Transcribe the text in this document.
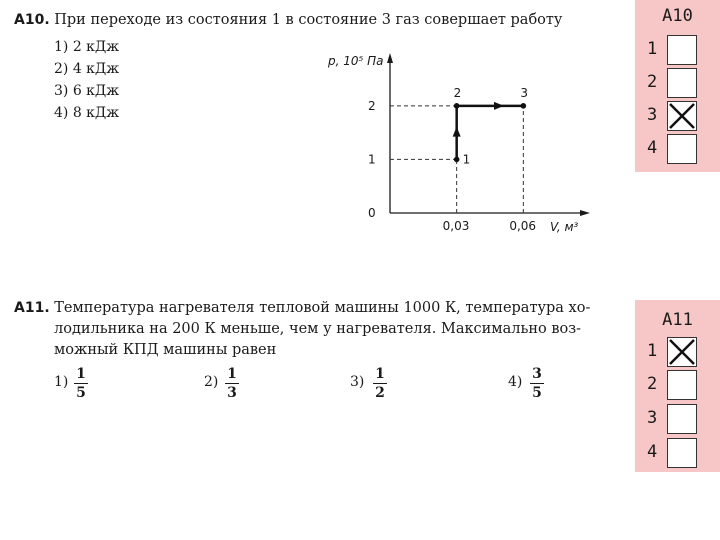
А10. При переходе из состояния 1 в состояние 3 газ совершает работу
1) 2 кДж
2) 4 кДж
3) 6 кДж
4) 8 кДж
p, 10⁵ Па
V, м³
0,03	0,06
0
1
2
1
2	3
А11. Температура нагревателя тепловой машины 1000 К, температура хо-
лодильника на 200 К меньше, чем у нагревателя. Максимально воз-
можный КПД машины равен
1) 1
5
2) 1
3
3) 1
2
4) 3
5
А10
1
2
3
4
А11
1
2
3
4
